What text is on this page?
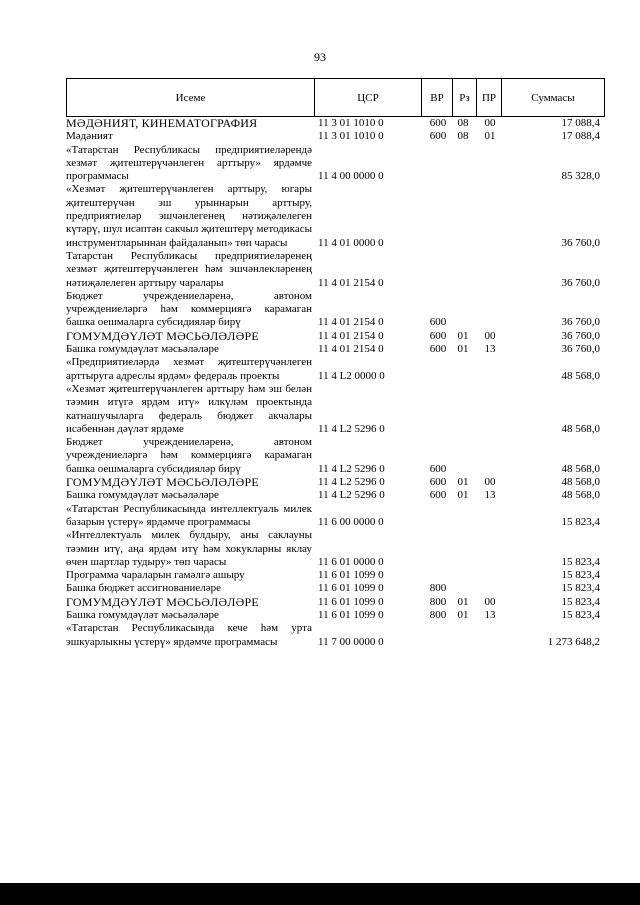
93
Исеме	ЦСР	ВР	Рз	ПР	Суммасы
МӘДӘНИЯТ, КИНЕМАТОГРАФИЯ	11 3 01 1010 0	600	08	00	17 088,4
Мәдәният	11 3 01 1010 0	600	08	01	17 088,4
«Татарстан Республикасы предприятиеләрендә хезмәт җитештерүчәнлеген арттыру» ярдәмче программасы	11 4 00 0000 0	85 328,0
«Хезмәт җитештерүчәнлеген арттыру, югары җитештерүчән эш урыннарын арттыру, предприятиеләр эшчәнлегенең нәтиҗәлелеген күтәрү, шул исәптән сакчыл җитештерү методикасы инструментларыннан файдаланып» төп чарасы	11 4 01 0000 0	36 760,0
Татарстан Республикасы предприятиеләренең хезмәт җитештерүчәнлеген һәм эшчәнлекләренең нәтиҗәлелеген арттыру чаралары	11 4 01 2154 0	36 760,0
Бюджет учреждениеләренә, автоном учреждениеләргә һәм коммерциягә карамаган башка оешмаларга субсидияләр бирү	11 4 01 2154 0	600	36 760,0
ГОМУМДӘҮЛӘТ МӘСЬӘЛӘЛӘРЕ	11 4 01 2154 0	600	01	00	36 760,0
Башка гомумдәүләт мәсьәләләре	11 4 01 2154 0	600	01	13	36 760,0
«Предприятиеләрдә хезмәт җитештерүчәнлеген арттыруга адреслы ярдәм» федераль проекты	11 4 L2 0000 0	48 568,0
«Хезмәт җитештерүчәнлеген арттыру һәм эш белән тәэмин итүгә ярдәм итү» илкүләм проектында катнашучыларга федераль бюджет акчалары исәбеннән дәүләт ярдәме	11 4 L2 5296 0	48 568,0
Бюджет учреждениеләренә, автоном учреждениеләргә һәм коммерциягә карамаган башка оешмаларга субсидияләр бирү	11 4 L2 5296 0	600	48 568,0
ГОМУМДӘҮЛӘТ МӘСЬӘЛӘЛӘРЕ	11 4 L2 5296 0	600	01	00	48 568,0
Башка гомумдәүләт мәсьәләләре	11 4 L2 5296 0	600	01	13	48 568,0
«Татарстан Республикасында интеллектуаль милек базарын үстерү» ярдәмче программасы	11 6 00 0000 0	15 823,4
«Интеллектуаль милек булдыру, аны саклауны тәэмин итү, аңа ярдәм итү һәм хокукларны яклау өчен шартлар тудыру» төп чарасы	11 6 01 0000 0	15 823,4
Программа чараларын гамәлгә ашыру	11 6 01 1099 0	15 823,4
Башка бюджет ассигнованиеләре	11 6 01 1099 0	800	15 823,4
ГОМУМДӘҮЛӘТ МӘСЬӘЛӘЛӘРЕ	11 6 01 1099 0	800	01	00	15 823,4
Башка гомумдәүләт мәсьәләләре	11 6 01 1099 0	800	01	13	15 823,4
«Татарстан Республикасында кече һәм урта эшкуарлыкны үстерү» ярдәмче программасы	11 7 00 0000 0	1 273 648,2
